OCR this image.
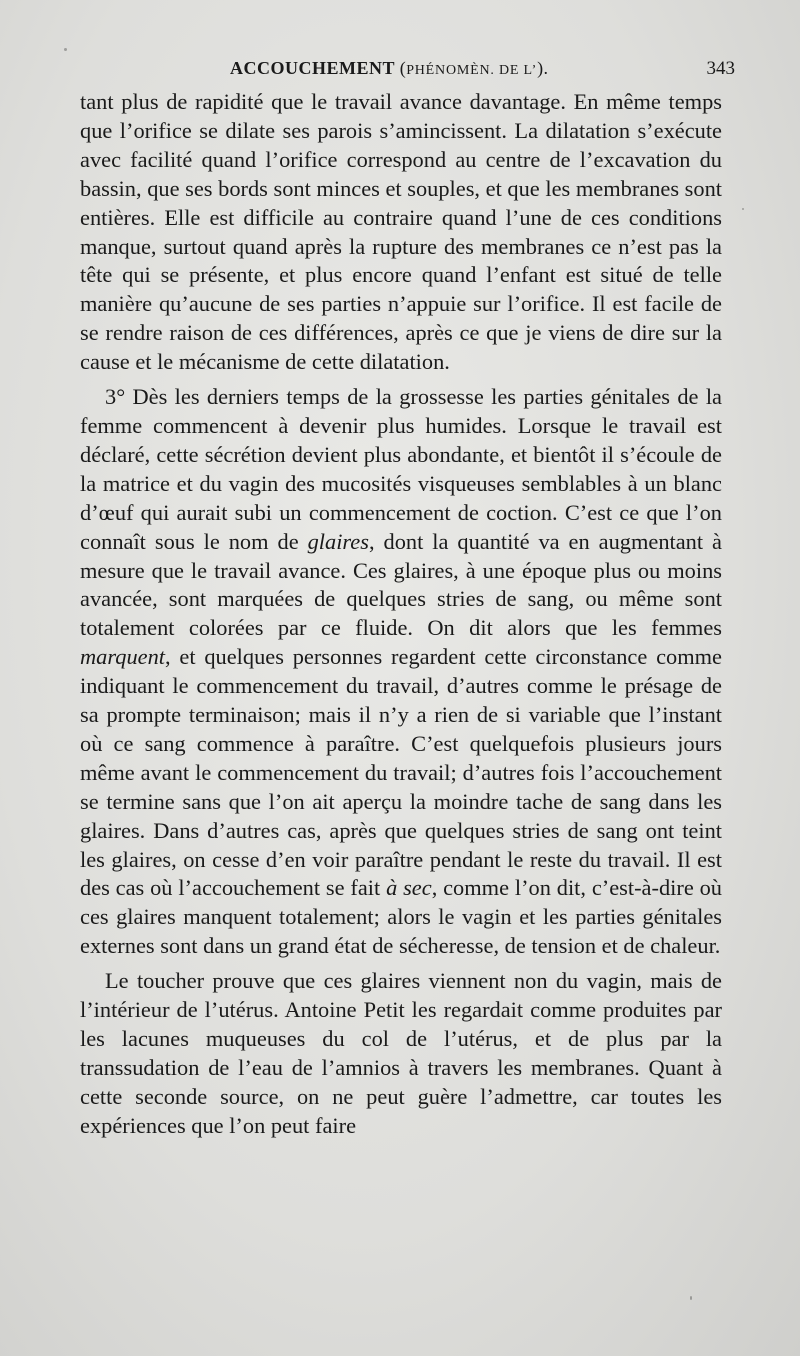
ACCOUCHEMENT (PHÉNOMÈN. DE L’).	343

tant plus de rapidité que le travail avance davantage. En même temps que l’orifice se dilate ses parois s’amincissent. La dilatation s’exécute avec facilité quand l’orifice correspond au centre de l’excavation du bassin, que ses bords sont minces et souples, et que les membranes sont entières. Elle est difficile au contraire quand l’une de ces conditions manque, surtout quand après la rupture des membranes ce n’est pas la tête qui se présente, et plus encore quand l’enfant est situé de telle manière qu’aucune de ses parties n’appuie sur l’orifice. Il est facile de se rendre raison de ces différences, après ce que je viens de dire sur la cause et le mécanisme de cette dilatation.

3° Dès les derniers temps de la grossesse les parties génitales de la femme commencent à devenir plus humides. Lorsque le travail est déclaré, cette sécrétion devient plus abondante, et bientôt il s’écoule de la matrice et du vagin des mucosités visqueuses semblables à un blanc d’œuf qui aurait subi un commencement de coction. C’est ce que l’on connaît sous le nom de glaires, dont la quantité va en augmentant à mesure que le travail avance. Ces glaires, à une époque plus ou moins avancée, sont marquées de quelques stries de sang, ou même sont totalement colorées par ce fluide. On dit alors que les femmes marquent, et quelques personnes regardent cette circonstance comme indiquant le commencement du travail, d’autres comme le présage de sa prompte terminaison; mais il n’y a rien de si variable que l’instant où ce sang commence à paraître. C’est quelquefois plusieurs jours même avant le commencement du travail; d’autres fois l’accouchement se termine sans que l’on ait aperçu la moindre tache de sang dans les glaires. Dans d’autres cas, après que quelques stries de sang ont teint les glaires, on cesse d’en voir paraître pendant le reste du travail. Il est des cas où l’accouchement se fait à sec, comme l’on dit, c’est-à-dire où ces glaires manquent totalement; alors le vagin et les parties génitales externes sont dans un grand état de sécheresse, de tension et de chaleur.

Le toucher prouve que ces glaires viennent non du vagin, mais de l’intérieur de l’utérus. Antoine Petit les regardait comme produites par les lacunes muqueuses du col de l’utérus, et de plus par la transsudation de l’eau de l’amnios à travers les membranes. Quant à cette seconde source, on ne peut guère l’admettre, car toutes les expériences que l’on peut faire
